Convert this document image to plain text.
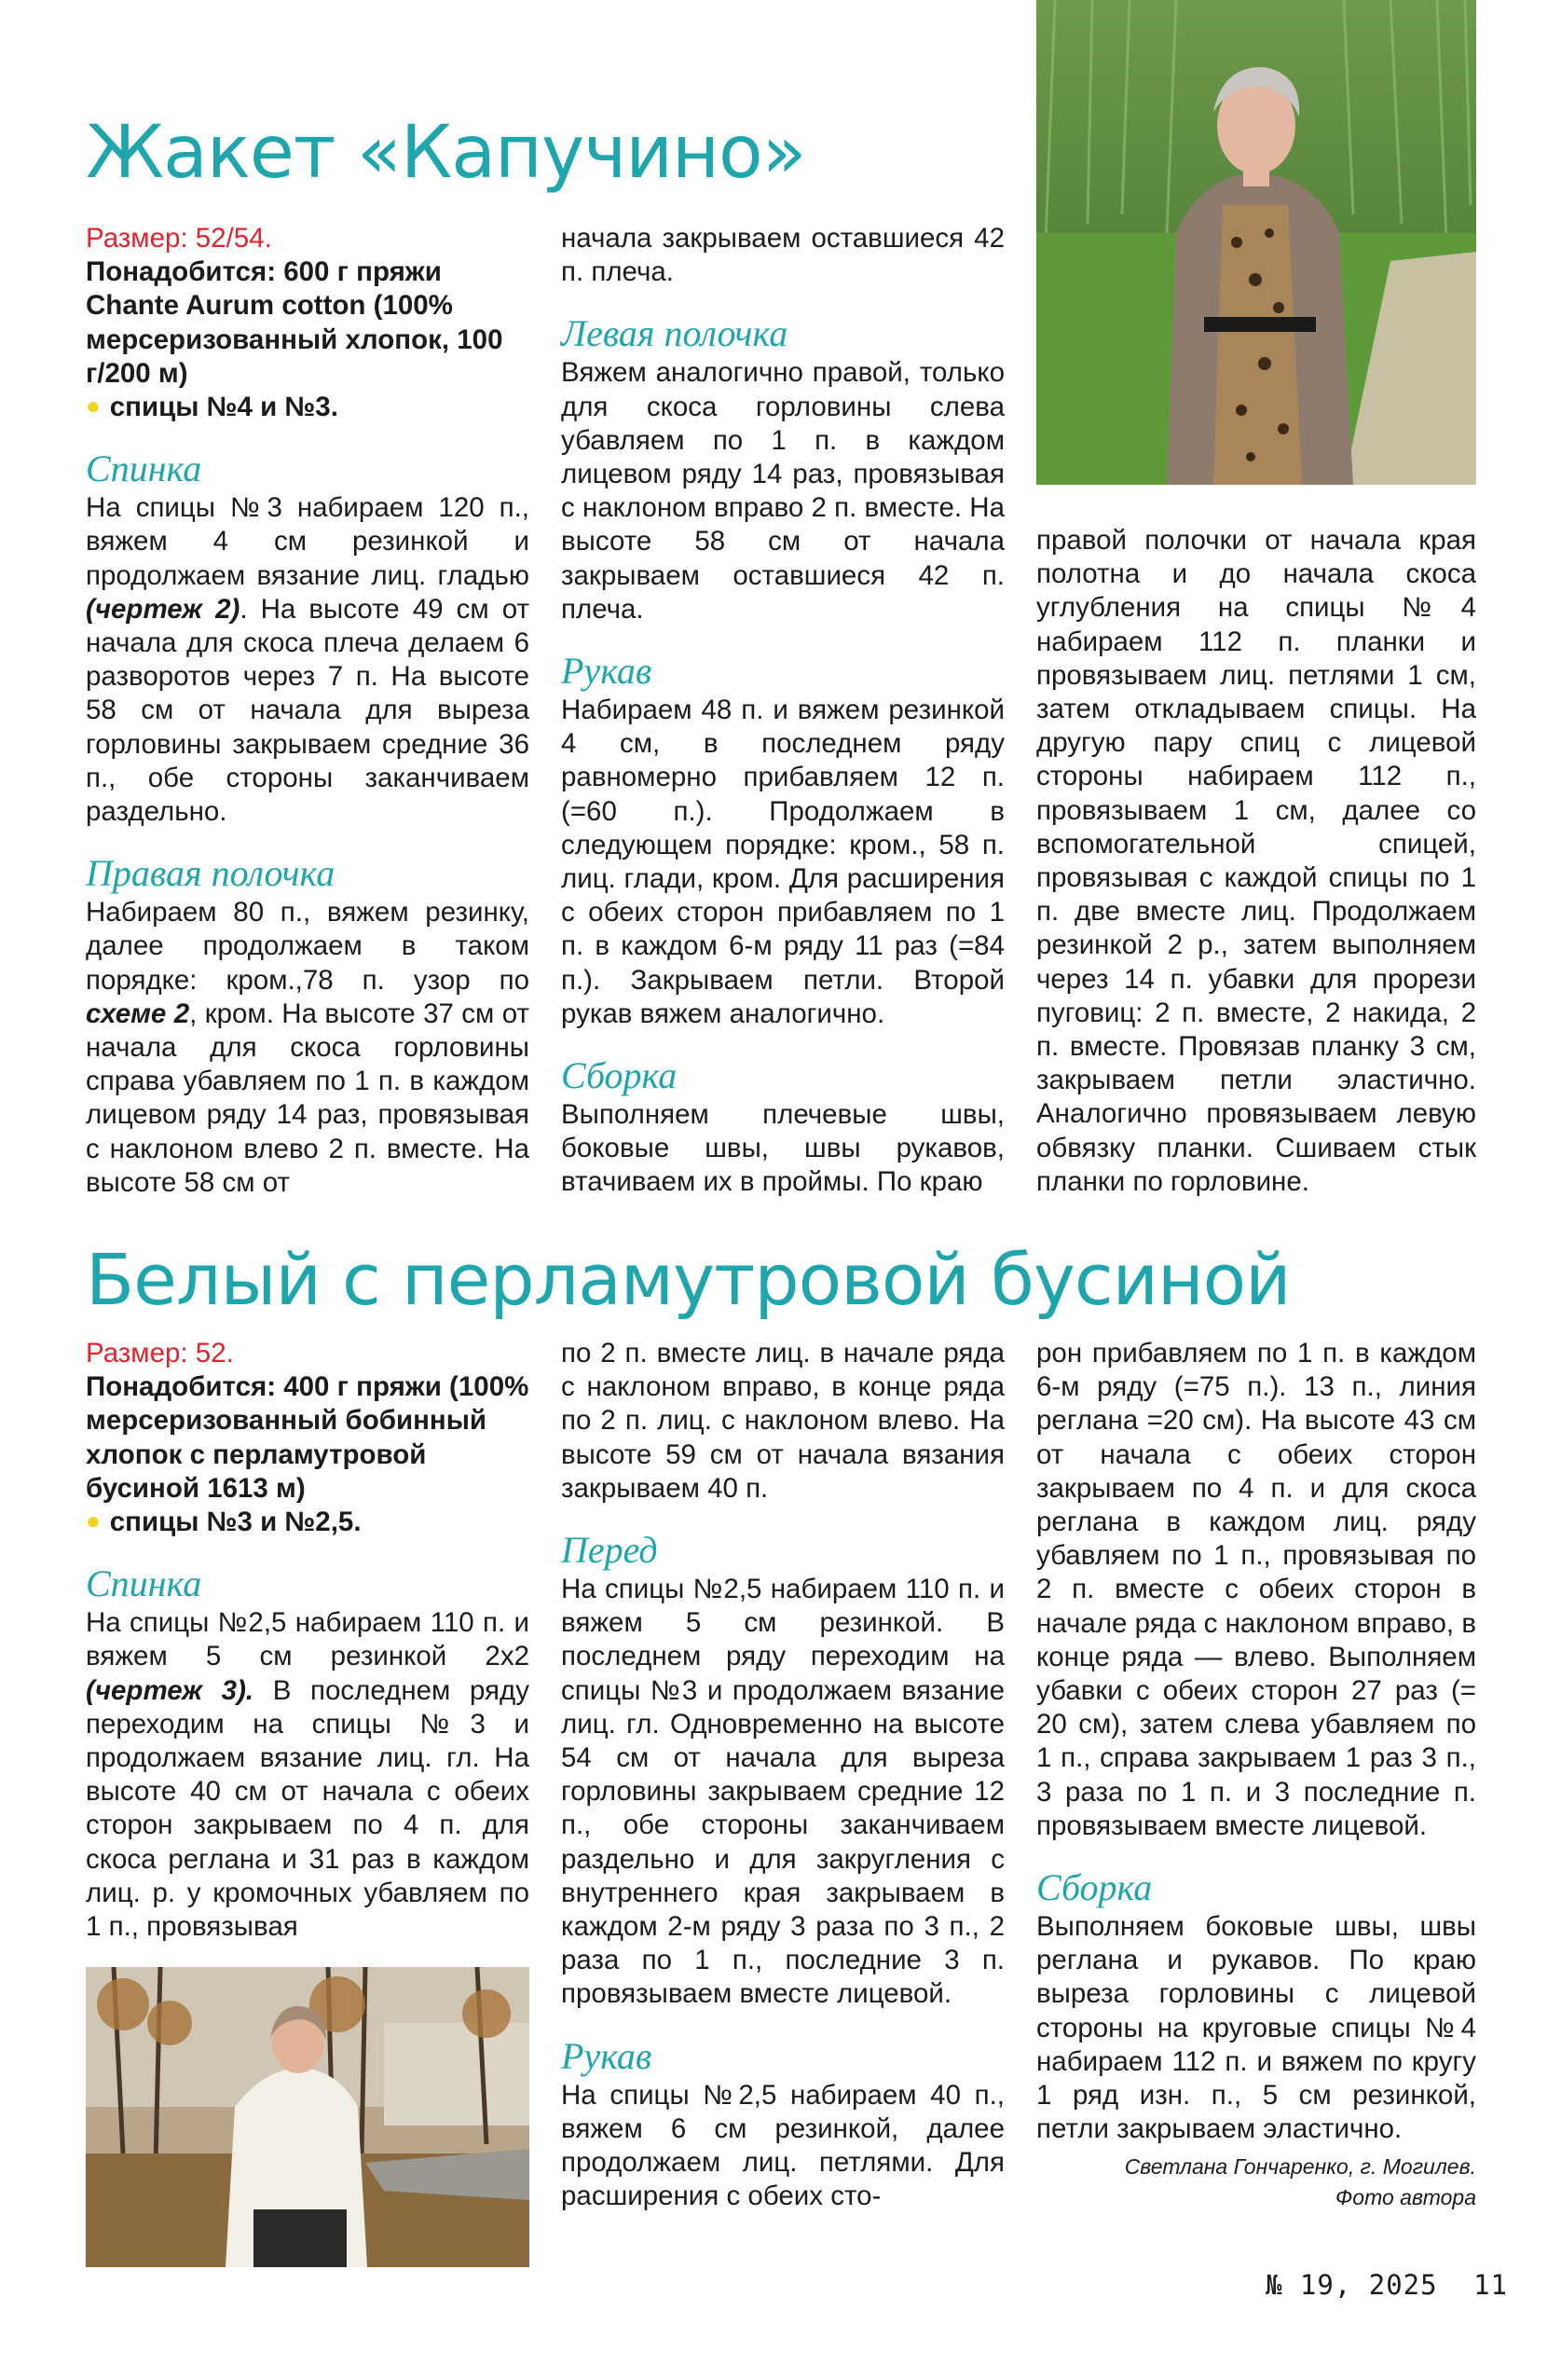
Жакет «Капучино»

Размер: 52/54.

Понадобится: 600 г пряжи Chante Aurum cotton (100% мерсеризованный хлопок, 100 г/200 м)

● спицы №4 и №3.

Спинка

На спицы №3 набираем 120 п., вяжем 4 см резинкой и продолжаем вязание лиц. гладью (чертеж 2). На высоте 49 см от начала для скоса плеча делаем 6 разворотов через 7 п. На высоте 58 см от начала для выреза горловины закрываем средние 36 п., обе стороны заканчиваем раздельно.

Правая полочка

Набираем 80 п., вяжем резинку, далее продолжаем в таком порядке: кром.,78 п. узор по схеме 2, кром. На высоте 37 см от начала для скоса горловины справа убавляем по 1 п. в каждом лицевом ряду 14 раз, провязывая с наклоном влево 2 п. вместе. На высоте 58 см от

начала закрываем оставшиеся 42 п. плеча.

Левая полочка

Вяжем аналогично правой, только для скоса горловины слева убавляем по 1 п. в каждом лицевом ряду 14 раз, провязывая с наклоном вправо 2 п. вместе. На высоте 58 см от начала закрываем оставшиеся 42 п. плеча.

Рукав

Набираем 48 п. и вяжем резинкой 4 см, в последнем ряду равномерно прибавляем 12 п. (=60 п.). Продолжаем в следующем порядке: кром., 58 п. лиц. глади, кром. Для расширения с обеих сторон прибавляем по 1 п. в каждом 6-м ряду 11 раз (=84 п.). Закрываем петли. Второй рукав вяжем аналогично.

Сборка

Выполняем плечевые швы, боковые швы, швы рукавов, втачиваем их в проймы. По краю

правой полочки от начала края полотна и до начала скоса углубления на спицы №4 набираем 112 п. планки и провязываем лиц. петлями 1 см, затем откладываем спицы. На другую пару спиц с лицевой стороны набираем 112 п., провязываем 1 см, далее со вспомогательной спицей, провязывая с каждой спицы по 1 п. две вместе лиц. Продолжаем резинкой 2 р., затем выполняем через 14 п. убавки для прорези пуговиц: 2 п. вместе, 2 накида, 2 п. вместе. Провязав планку 3 см, закрываем петли эластично. Аналогично провязываем левую обвязку планки. Сшиваем стык планки по горловине.

Белый с перламутровой бусиной

Размер: 52.

Понадобится: 400 г пряжи (100% мерсеризованный бобинный хлопок с перламутровой бусиной 1613 м)

● спицы №3 и №2,5.

Спинка

На спицы №2,5 набираем 110 п. и вяжем 5 см резинкой 2х2 (чертеж 3). В последнем ряду переходим на спицы №3 и продолжаем вязание лиц. гл. На высоте 40 см от начала с обеих сторон закрываем по 4 п. для скоса реглана и 31 раз в каждом лиц. р. у кромочных убавляем по 1 п., провязывая

по 2 п. вместе лиц. в начале ряда с наклоном вправо, в конце ряда по 2 п. лиц. с наклоном влево. На высоте 59 см от начала вязания закрываем 40 п.

Перед

На спицы №2,5 набираем 110 п. и вяжем 5 см резинкой. В последнем ряду переходим на спицы №3 и продолжаем вязание лиц. гл. Одновременно на высоте 54 см от начала для выреза горловины закрываем средние 12 п., обе стороны заканчиваем раздельно и для закругления с внутреннего края закрываем в каждом 2-м ряду 3 раза по 3 п., 2 раза по 1 п., последние 3 п. провязываем вместе лицевой.

Рукав

На спицы №2,5 набираем 40 п., вяжем 6 см резинкой, далее продолжаем лиц. петлями. Для расширения с обеих сто-

рон прибавляем по 1 п. в каждом 6-м ряду (=75 п.). 13 п., линия реглана =20 см). На высоте 43 см от начала с обеих сторон закрываем по 4 п. и для скоса реглана в каждом лиц. ряду убавляем по 1 п., провязывая по 2 п. вместе с обеих сторон в начале ряда с наклоном вправо, в конце ряда — влево. Выполняем убавки с обеих сторон 27 раз (= 20 см), затем слева убавляем по 1 п., справа закрываем 1 раз 3 п., 3 раза по 1 п. и 3 последние п. провязываем вместе лицевой.

Сборка

Выполняем боковые швы, швы реглана и рукавов. По краю выреза горловины с лицевой стороны на круговые спицы №4 набираем 112 п. и вяжем по кругу 1 ряд изн. п., 5 см резинкой, петли закрываем эластично.

Светлана Гончаренко, г. Могилев.

Фото автора

№ 19, 2025 11
